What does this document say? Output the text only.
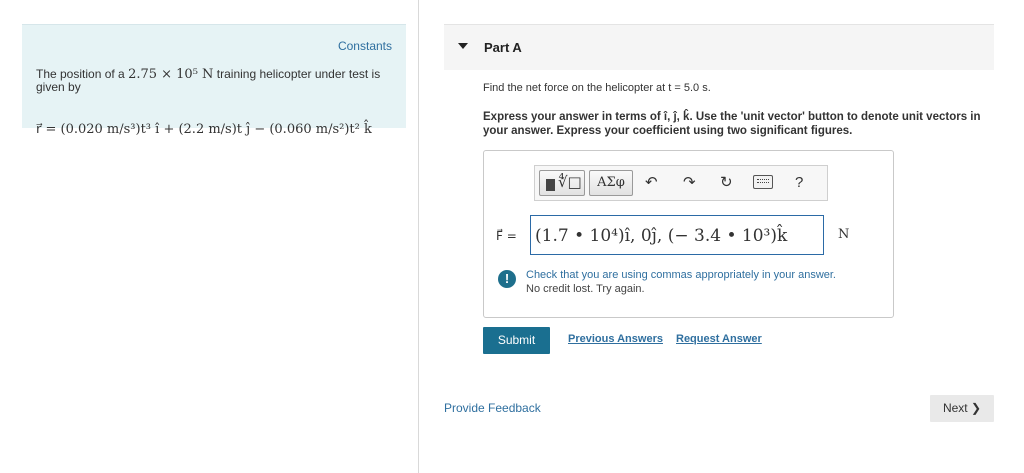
Constants
The position of a 2.75 × 10⁵ N training helicopter under test is given by
r⃗ = (0.020 m/s³)t³ î + (2.2 m/s)t ĵ − (0.060 m/s²)t² k̂
Part A
Find the net force on the helicopter at t = 5.0 s.
Express your answer in terms of î, ĵ, k̂. Use the 'unit vector' button to denote unit vectors in your answer. Express your coefficient using two significant figures.
∜□	ΑΣφ	↶ ↷ ↻	?
F⃗ = (1.7 • 10⁴)î, 0ĵ, (− 3.4 • 10³)k̂	N
!	Check that you are using commas appropriately in your answer.
No credit lost. Try again.
Submit	Previous Answers Request Answer
Provide Feedback	Next ❯
